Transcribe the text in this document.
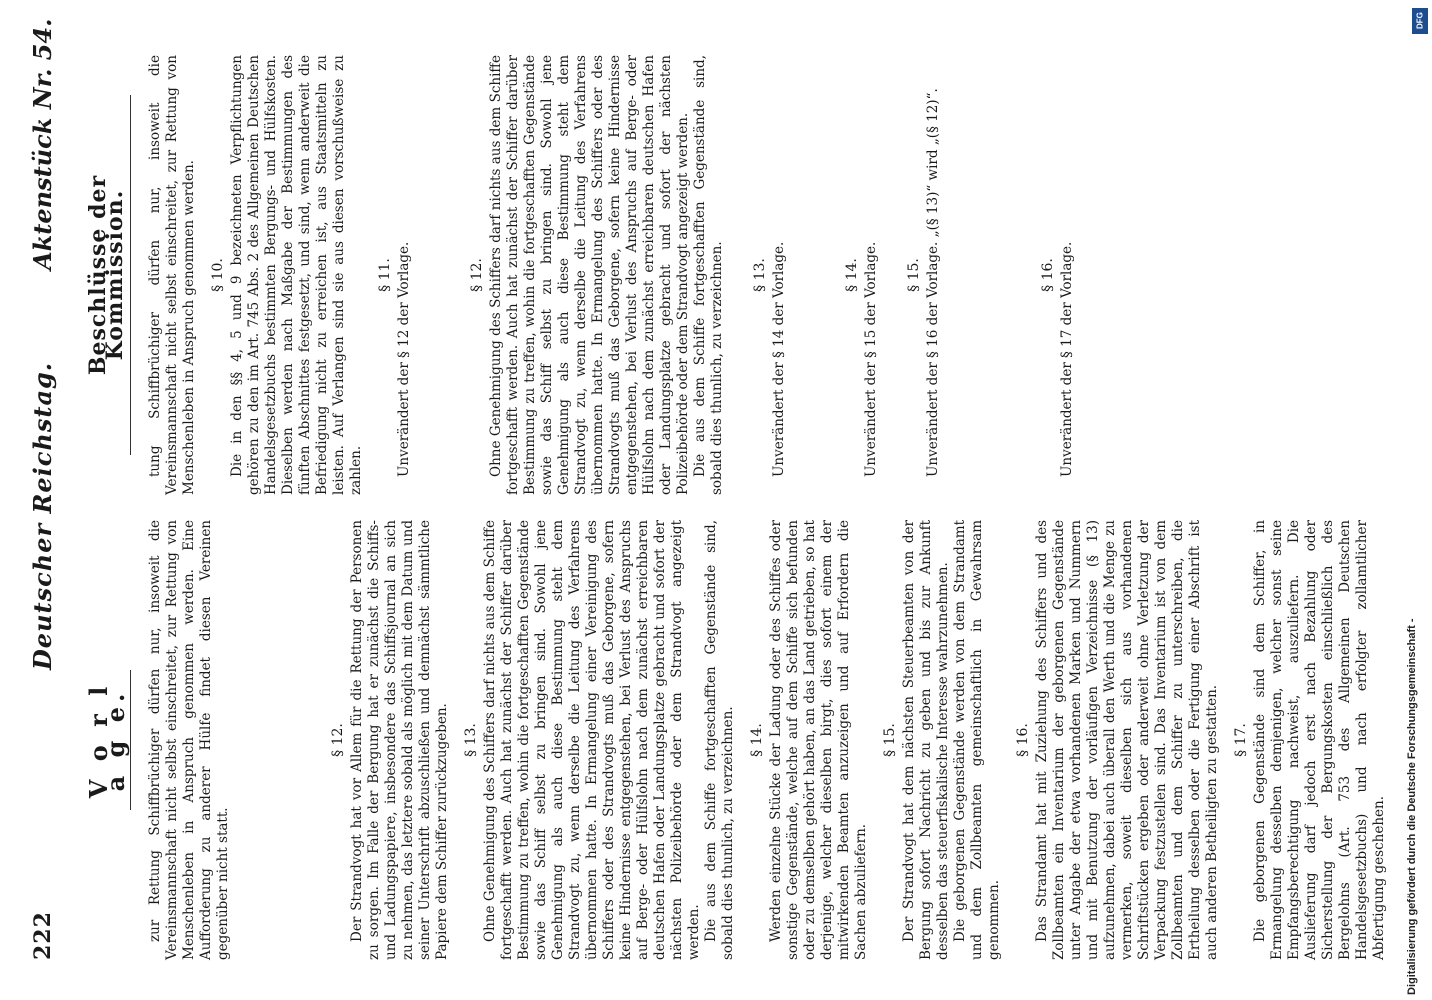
222
Deutscher Reichstag.
Aktenstück Nr. 54.
V o r l a g e. zur Rettung Schiffbrüchiger dürfen nur, insoweit die Vereinsmannschaft nicht selbst einschreitet, zur Rettung von Menschenleben in Anspruch genommen werden. Eine Aufforderung zu anderer Hülfe findet diesen Vereinen gegenüber nicht statt.

§ 12. Der Strandvogt hat vor Allem für die Rettung der Personen zu sorgen. Im Falle der Bergung hat er zunächst die Schiffs- und Ladungspapiere, insbesondere das Schiffsjournal an sich zu nehmen, das letztere sobald als möglich mit dem Datum und seiner Unterschrift abzuschließen und demnächst sämmtliche Papiere dem Schiffer zurückzugeben. § 13. Ohne Genehmigung des Schiffers darf nichts aus dem Schiffe fortgeschafft werden. Auch hat zunächst der Schiffer darüber Bestimmung zu treffen, wohin die fortgeschafften Gegenstände sowie das Schiff selbst zu bringen sind. Sowohl jene Genehmigung als auch diese Bestimmung steht dem Strandvogt zu, wenn derselbe die Leitung des Verfahrens übernommen hatte. In Ermangelung einer Vereinigung des Schiffers oder des Strandvogts muß das Geborgene, sofern keine Hindernisse entgegenstehen, bei Verlust des Anspruchs auf Berge- oder Hülfslohn nach dem zunächst erreichbaren deutschen Hafen oder Landungsplatze gebracht und sofort der nächsten Polizeibehörde oder dem Strandvogt angezeigt werden. Die aus dem Schiffe fortgeschafften Gegenstände sind, sobald dies thunlich, zu verzeichnen. § 14. Werden einzelne Stücke der Ladung oder des Schiffes oder sonstige Gegenstände, welche auf dem Schiffe sich befunden oder zu demselben gehört haben, an das Land getrieben, so hat derjenige, welcher dieselben birgt, dies sofort einem der mitwirkenden Beamten anzuzeigen und auf Erfordern die Sachen abzuliefern.

§ 15. Der Strandvogt hat dem nächsten Steuerbeamten von der Bergung sofort Nachricht zu geben und bis zur Ankunft desselben das steuerfiskalische Interesse wahrzunehmen. Die geborgenen Gegenstände werden von dem Strandamt und dem Zollbeamten gemeinschaftlich in Gewahrsam genommen.

§ 16. Das Strandamt hat mit Zuziehung des Schiffers und des Zollbeamten ein Inventarium der geborgenen Gegenstände unter Angabe der etwa vorhandenen Marken und Nummern und mit Benutzung der vorläufigen Verzeichnisse (§ 13) aufzunehmen, dabei auch überall den Werth und die Menge zu vermerken, soweit dieselben sich aus vorhandenen Schriftstücken ergeben oder anderweit ohne Verletzung der Verpackung festzustellen sind. Das Inventarium ist von dem Zollbeamten und dem Schiffer zu unterschreiben, die Ertheilung desselben oder die Fertigung einer Abschrift ist auch anderen Betheiligten zu gestatten. § 17. Die geborgenen Gegenstände sind dem Schiffer, in Ermangelung desselben demjenigen, welcher sonst seine Empfangsberechtigung nachweist, auszuliefern. Die Auslieferung darf jedoch erst nach Bezahlung oder Sicherstellung der Bergungskosten einschließlich des Bergelohns (Art. 753 des Allgemeinen Deutschen Handelsgesetzbuchs) und nach erfolgter zollamtlicher Abfertigung geschehen.

Beschlüsse der Kommission. tung Schiffbrüchiger dürfen nur, insoweit die Vereinsmannschaft nicht selbst einschreitet, zur Rettung von Menschenleben in Anspruch genommen werden. § 10. Die in den §§ 4, 5 und 9 bezeichneten Verpflichtungen gehören zu den im Art. 745 Abs. 2 des Allgemeinen Deutschen Handelsgesetzbuchs bestimmten Bergungs- und Hülfskosten. Dieselben werden nach Maßgabe der Bestimmungen des fünften Abschnittes festgesetzt, und sind, wenn anderweit die Befriedigung nicht zu erreichen ist, aus Staatsmitteln zu leisten. Auf Verlangen sind sie aus diesen vorschußweise zu zahlen.

§ 11. Unverändert der § 12 der Vorlage.	§ 12. Ohne Genehmigung des Schiffers darf nichts aus dem Schiffe fortgeschafft werden. Auch hat zunächst der Schiffer darüber Bestimmung zu treffen, wohin die fortgeschafften Gegenstände sowie das Schiff selbst zu bringen sind. Sowohl jene Genehmigung als auch diese Bestimmung steht dem Strandvogt zu, wenn derselbe die Leitung des Verfahrens übernommen hatte. In Ermangelung des Schiffers oder des Strandvogts muß das Geborgene, sofern keine Hindernisse entgegenstehen, bei Verlust des Anspruchs auf Berge- oder Hülfslohn nach dem zunächst erreichbaren deutschen Hafen oder Landungsplatze gebracht und sofort der nächsten Polizeibehörde oder dem Strandvogt angezeigt werden. Die aus dem Schiffe fortgeschafften Gegenstände sind, sobald dies thunlich, zu verzeichnen. § 13. Unverändert der § 14 der Vorlage.	§ 14. Unverändert der § 15 der Vorlage. § 15. Unverändert der § 16 der Vorlage. „(§ 13)“ wird „(§ 12)“.	§ 16. Unverändert der § 17 der Vorlage.

Digitalisierung gefördert durch die Deutsche Forschungsgemeinschaft -
DFG
